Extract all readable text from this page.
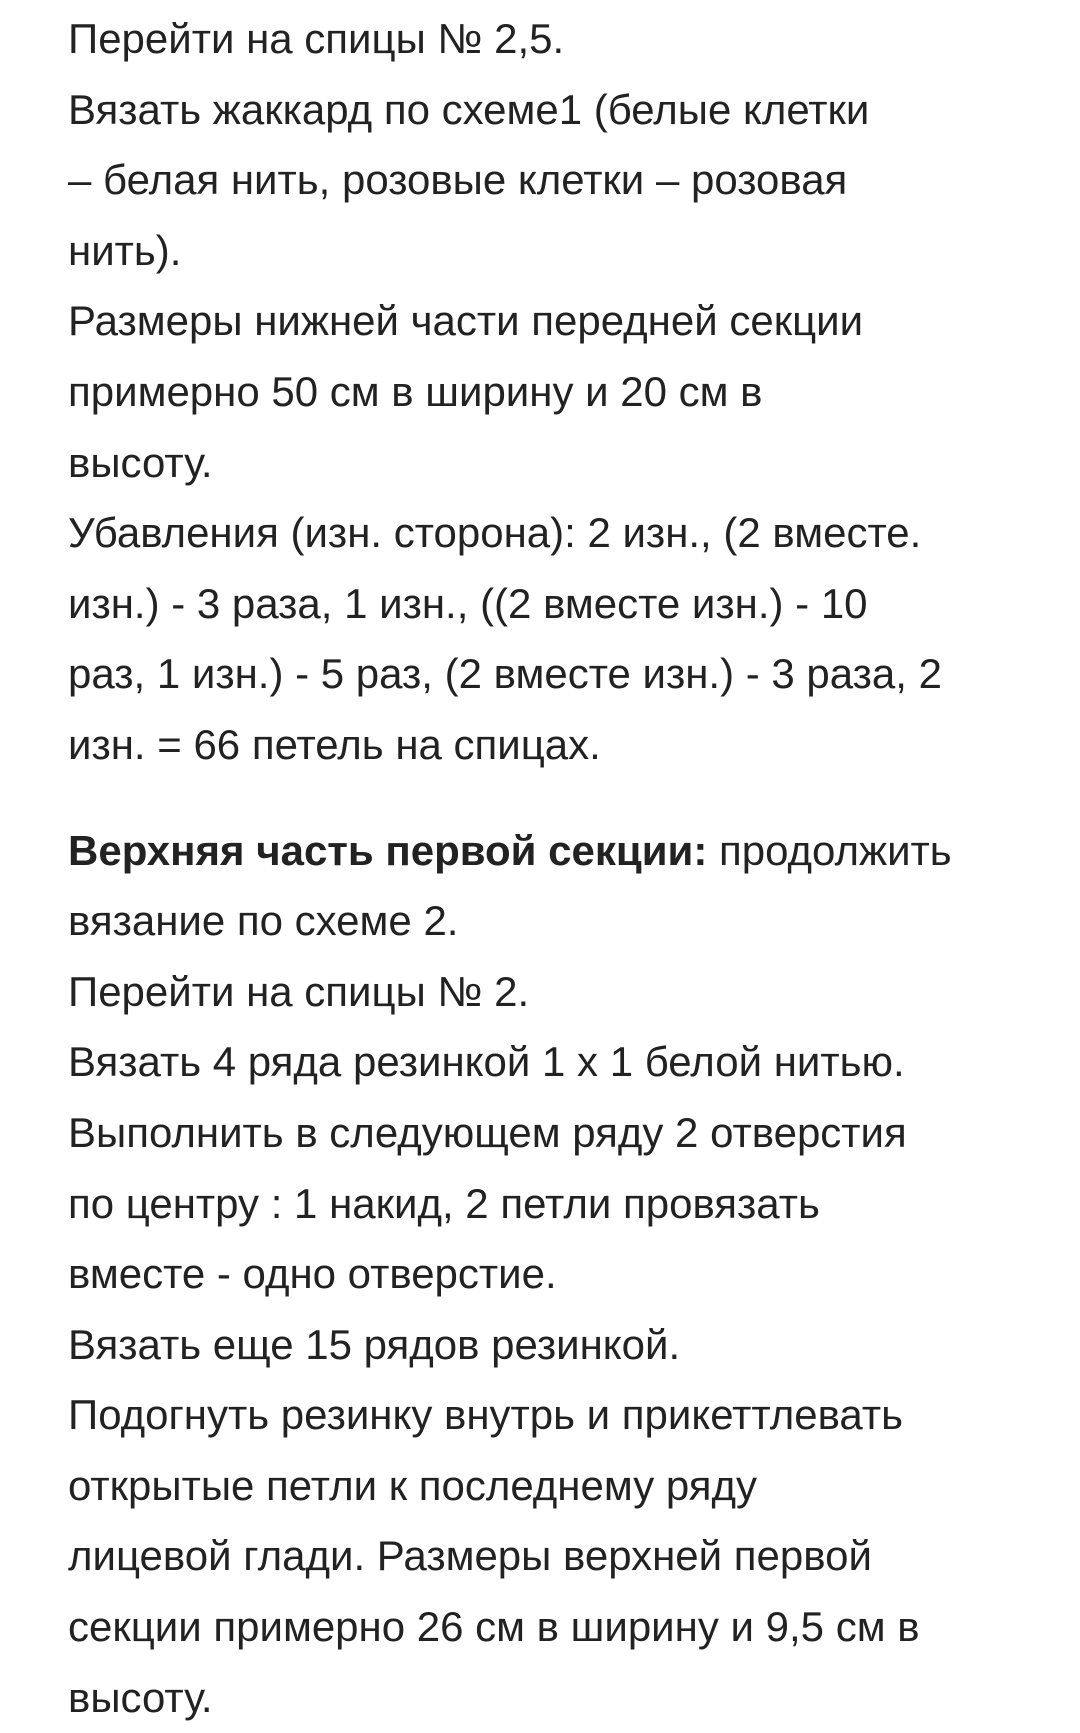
Перейти на спицы № 2,5.

Вязать жаккард по схеме1 (белые клетки
– белая нить, розовые клетки – розовая
нить).

Размеры нижней части передней секции
примерно 50 см в ширину и 20 см в
высоту.

Убавления (изн. сторона): 2 изн., (2 вместе.
изн.) - 3 раза, 1 изн., ((2 вместе изн.) - 10
раз, 1 изн.) - 5 раз, (2 вместе изн.) - 3 раза, 2
изн. = 66 петель на спицах.

Верхняя часть первой секции: продолжить
вязание по схеме 2.

Перейти на спицы № 2.

Вязать 4 ряда резинкой 1 х 1 белой нитью.

Выполнить в следующем ряду 2 отверстия
по центру : 1 накид, 2 петли провязать
вместе - одно отверстие.

Вязать еще 15 рядов резинкой.

Подогнуть резинку внутрь и прикеттлевать
открытые петли к последнему ряду
лицевой глади. Размеры верхней первой
секции примерно 26 см в ширину и 9,5 см в
высоту.
